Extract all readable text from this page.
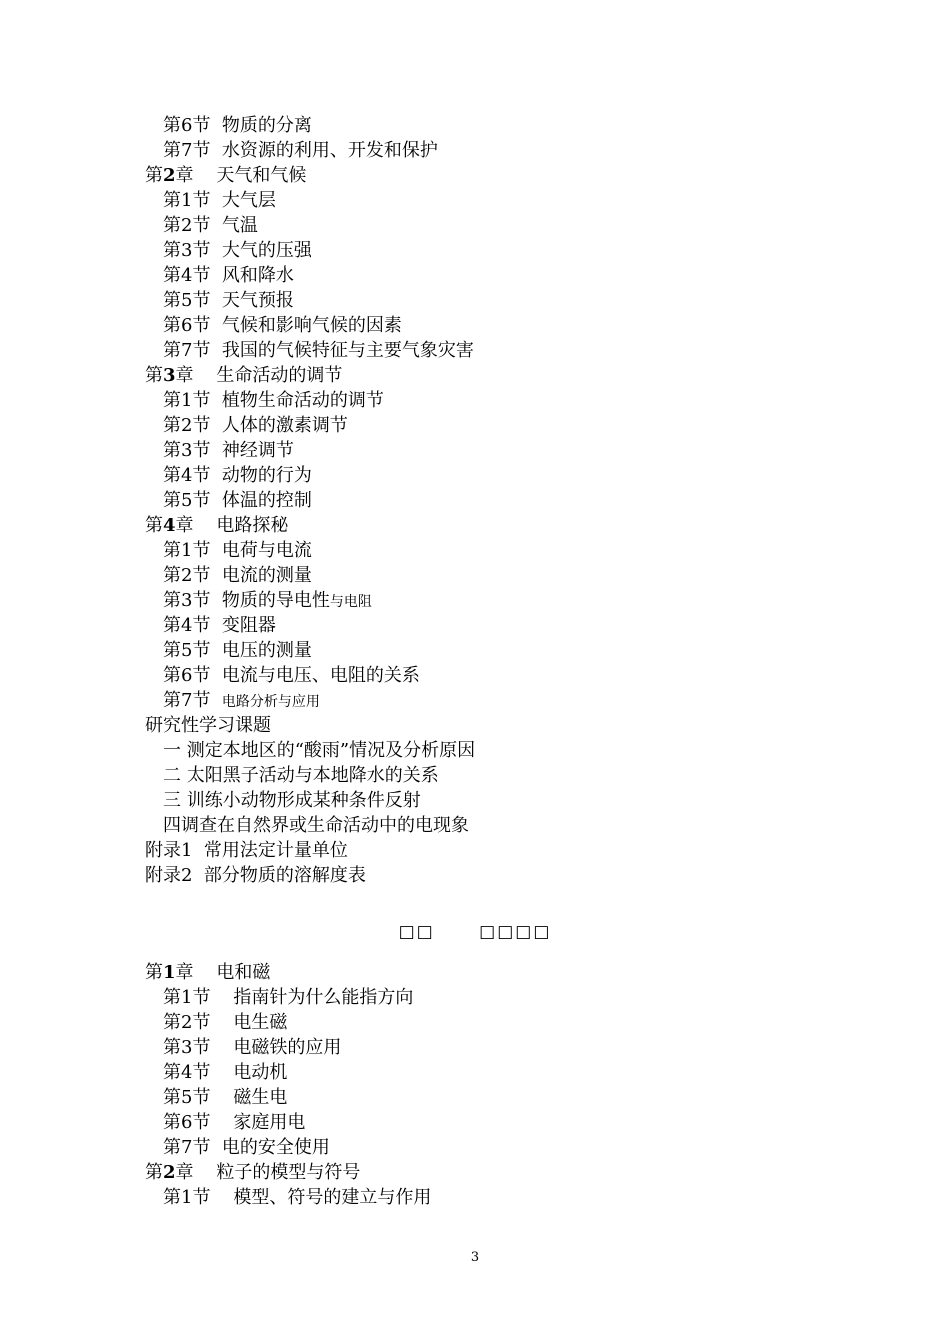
第6节 物质的分离
第7节 水资源的利用、开发和保护
第2章 天气和气候
第1节 大气层
第2节 气温
第3节 大气的压强
第4节 风和降水
第5节 天气预报
第6节 气候和影响气候的因素
第7节 我国的气候特征与主要气象灾害
第3章 生命活动的调节
第1节 植物生命活动的调节
第2节 人体的激素调节
第3节 神经调节
第4节 动物的行为
第5节 体温的控制
第4章 电路探秘
第1节 电荷与电流
第2节 电流的测量
第3节 物质的导电性与电阻
第4节 变阻器
第5节 电压的测量
第6节 电流与电压、电阻的关系
第7节 电路分析与应用
研究性学习课题
一 测定本地区的“酸雨”情况及分析原因
二 太阳黑子活动与本地降水的关系
三 训练小动物形成某种条件反射
四调查在自然界或生命活动中的电现象
附录1 常用法定计量单位
附录2 部分物质的溶解度表
□□	□□□□
第1章 电和磁
第1节 指南针为什么能指方向
第2节 电生磁
第3节 电磁铁的应用
第4节 电动机
第5节 磁生电
第6节 家庭用电
第7节 电的安全使用
第2章 粒子的模型与符号
第1节 模型、符号的建立与作用
3
